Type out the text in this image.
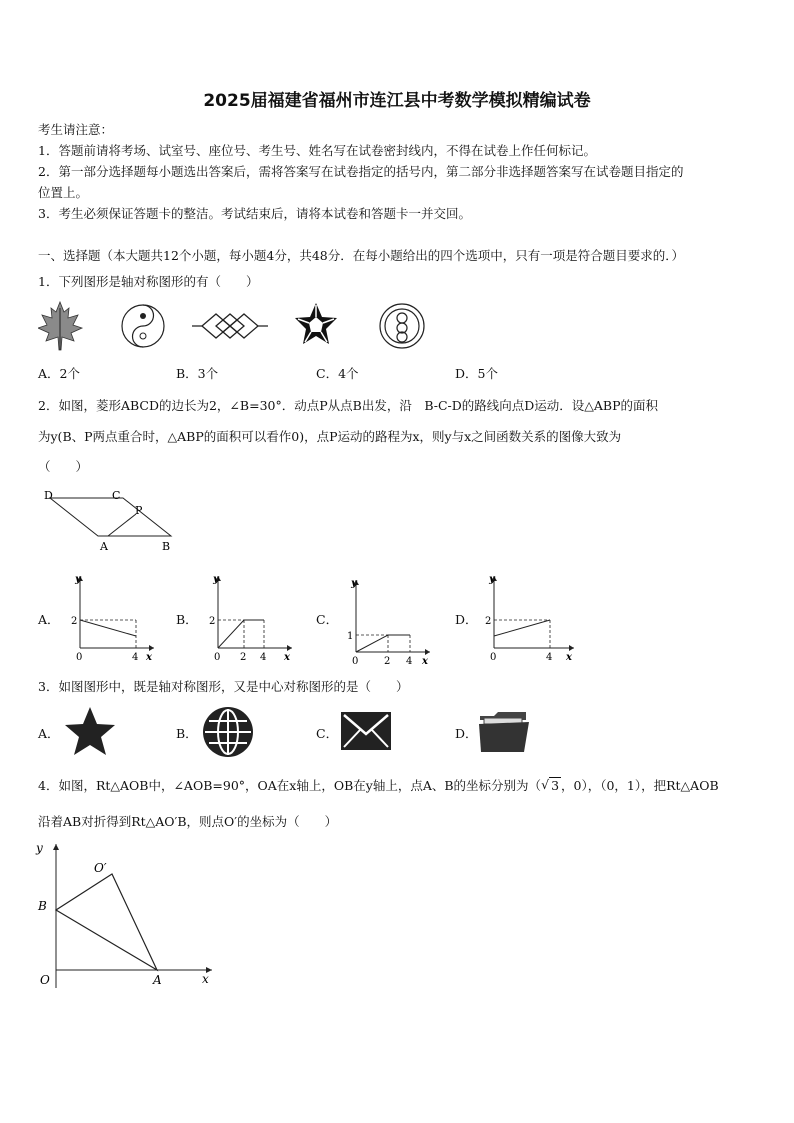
2025届福建省福州市连江县中考数学模拟精编试卷
考生请注意：
1．答题前请将考场、试室号、座位号、考生号、姓名写在试卷密封线内，不得在试卷上作任何标记。
2．第一部分选择题每小题选出答案后，需将答案写在试卷指定的括号内，第二部分非选择题答案写在试卷题目指定的
位置上。
3．考生必须保证答题卡的整洁。考试结束后，请将本试卷和答题卡一并交回。
一、选择题（本大题共12个小题，每小题4分，共48分．在每小题给出的四个选项中，只有一项是符合题目要求的．）
1．下列图形是轴对称图形的有（　　）
A．2个	B．3个	C．4个	D．5个
2．如图，菱形ABCD的边长为2，∠B=30°．动点P从点B出发，沿　B-C-D的路线向点D运动．设△ABP的面积
为y(B、P两点重合时，△ABP的面积可以看作0)，点P运动的路程为x，则y与x之间函数关系的图像大致为
（　　）
D	C
P
A	B
A．
y
x
0
2
4
B．
y
x
0
2
2 4
C．
y
x
0
1
2 4
D．
y
x
0
2
4
3．如图图形中，既是轴对称图形，又是中心对称图形的是（　　）
A．	B．	C．	D．
4．如图，Rt△AOB中，∠AOB=90°，OA在x轴上，OB在y轴上，点A、B的坐标分别为（ √ 3 ，0），（0，1），把Rt△AOB
沿着AB对折得到Rt△AO′B，则点O′的坐标为（　　）
y
x
O	A
B
O′
